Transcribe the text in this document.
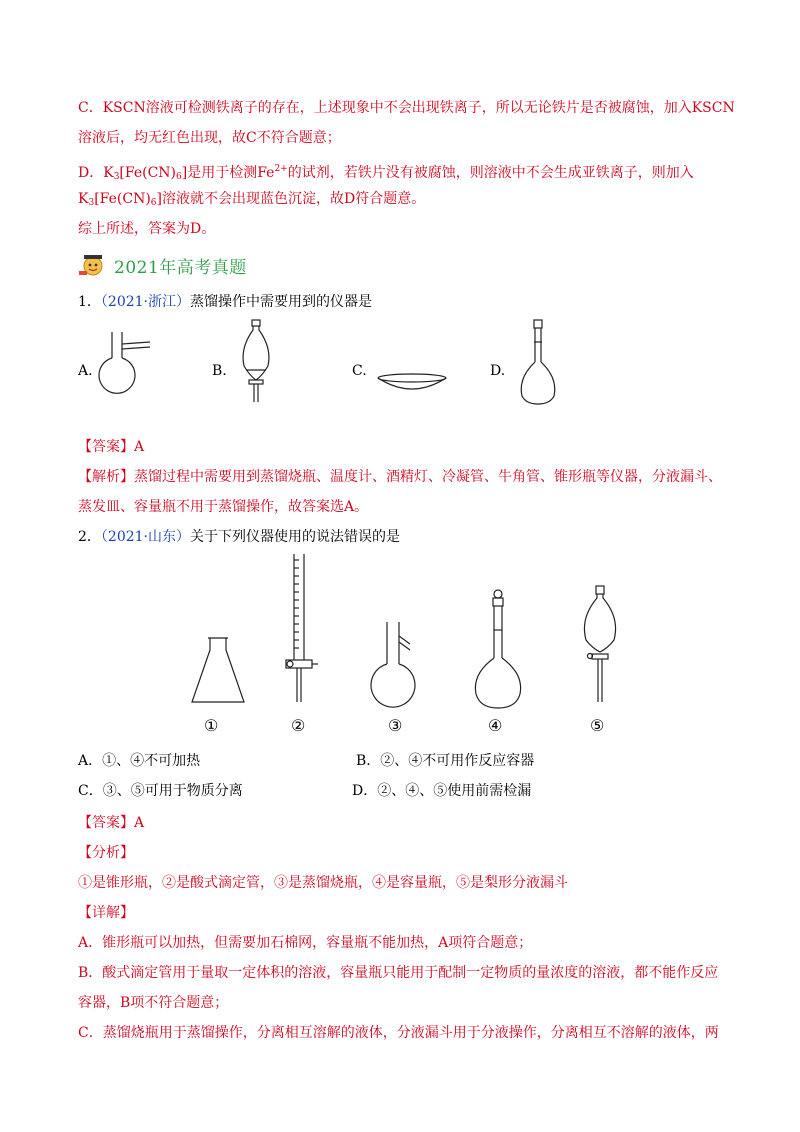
C．KSCN溶液可检测铁离子的存在，上述现象中不会出现铁离子，所以无论铁片是否被腐蚀，加入KSCN
溶液后，均无红色出现，故C不符合题意；
D．$K_3[Fe(CN)_6]$是用于检测$Fe^{2+}$的试剂，若铁片没有被腐蚀，则溶液中不会生成亚铁离子，则加入
$K_3[Fe(CN)_6]$溶液就不会出现蓝色沉淀，故D符合题意。
综上所述，答案为D。
2021年高考真题
1．（2021·浙江）蒸馏操作中需要用到的仪器是
A.	B.	C.	D.
【答案】A
【解析】蒸馏过程中需要用到蒸馏烧瓶、温度计、酒精灯、冷凝管、牛角管、锥形瓶等仪器，分液漏斗、
蒸发皿、容量瓶不用于蒸馏操作，故答案选A。
2．（2021·山东）关于下列仪器使用的说法错误的是
①	②	③	④	⑤
A．①、④不可加热	B．②、④不可用作反应容器
C．③、⑤可用于物质分离	D．②、④、⑤使用前需检漏
【答案】A
【分析】
①是锥形瓶，②是酸式滴定管，③是蒸馏烧瓶，④是容量瓶，⑤是梨形分液漏斗
【详解】
A．锥形瓶可以加热，但需要加石棉网，容量瓶不能加热，A项符合题意；
B．酸式滴定管用于量取一定体积的溶液，容量瓶只能用于配制一定物质的量浓度的溶液，都不能作反应
容器，B项不符合题意；
C．蒸馏烧瓶用于蒸馏操作，分离相互溶解的液体，分液漏斗用于分液操作，分离相互不溶解的液体，两
